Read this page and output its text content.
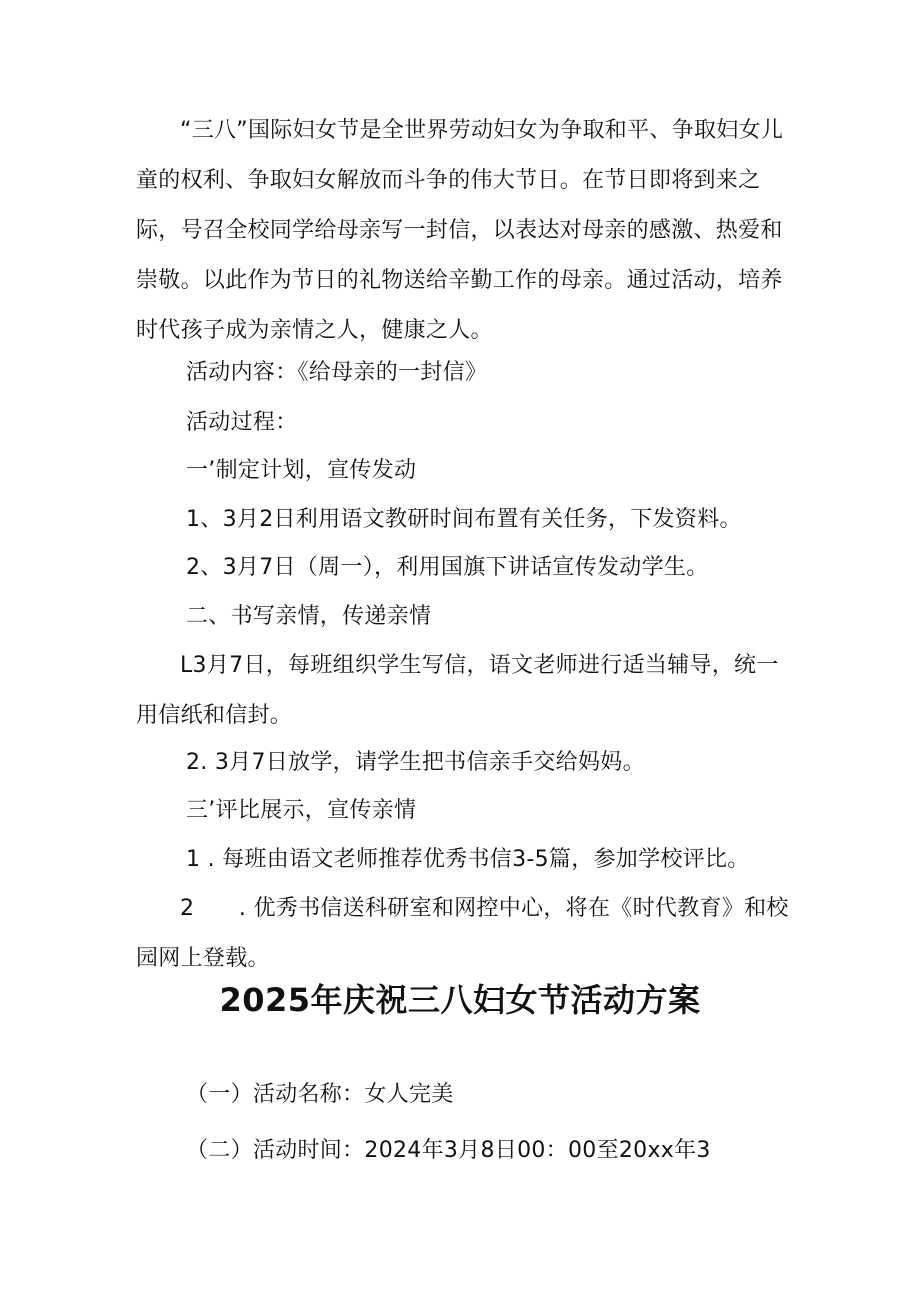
“三八”国际妇女节是全世界劳动妇女为争取和平、争取妇女儿童的权利、争取妇女解放而斗争的伟大节日。在节日即将到来之际，号召全校同学给母亲写一封信，以表达对母亲的感激、热爱和崇敬。以此作为节日的礼物送给辛勤工作的母亲。通过活动，培养时代孩子成为亲情之人，健康之人。

活动内容：《给母亲的一封信》

活动过程：

一’制定计划，宣传发动

1、3月2日利用语文教研时间布置有关任务，下发资料。

2、3月7日（周一），利用国旗下讲话宣传发动学生。

二、书写亲情，传递亲情

L3月7日，每班组织学生写信，语文老师进行适当辅导，统一用信纸和信封。

2. 3月7日放学，请学生把书信亲手交给妈妈。

三’评比展示，宣传亲情

1 . 每班由语文老师推荐优秀书信3-5篇，参加学校评比。

2　　. 优秀书信送科研室和网控中心，将在《时代教育》和校园网上登载。

2025年庆祝三八妇女节活动方案

（一）活动名称：女人完美

（二）活动时间：2024年3月8日00：00至20xx年3
